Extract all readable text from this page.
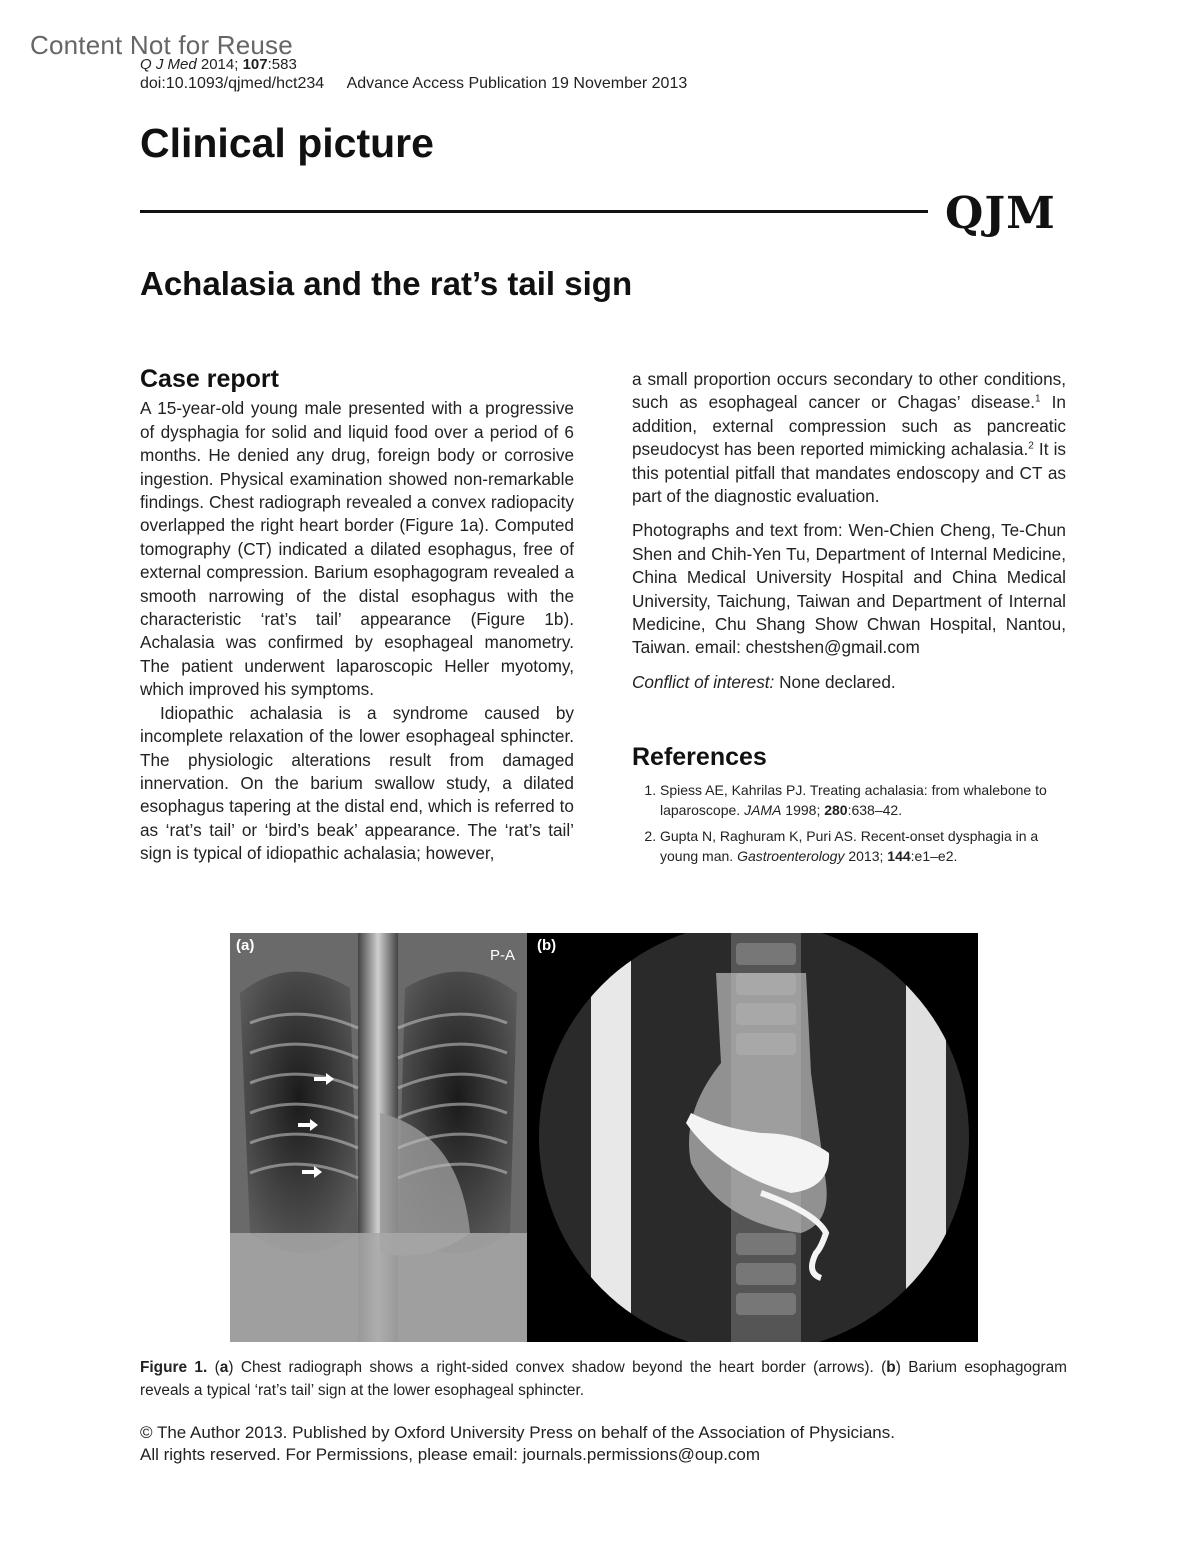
Content Not for Reuse
Q J Med 2014; 107:583
doi:10.1093/qjmed/hct234 Advance Access Publication 19 November 2013
Clinical picture
QJM
Achalasia and the rat’s tail sign
Case report

A 15-year-old young male presented with a progressive of dysphagia for solid and liquid food over a period of 6 months. He denied any drug, foreign body or corrosive ingestion. Physical examination showed non-remarkable findings. Chest radiograph revealed a convex radiopacity overlapped the right heart border (Figure 1a). Computed tomography (CT) indicated a dilated esophagus, free of external compression. Barium esophagogram revealed a smooth narrowing of the distal esophagus with the characteristic ‘rat’s tail’ appearance (Figure 1b). Achalasia was confirmed by esophageal manometry. The patient underwent laparoscopic Heller myotomy, which improved his symptoms.

Idiopathic achalasia is a syndrome caused by incomplete relaxation of the lower esophageal sphincter. The physiologic alterations result from damaged innervation. On the barium swallow study, a dilated esophagus tapering at the distal end, which is referred to as ‘rat’s tail’ or ‘bird’s beak’ appearance. The ‘rat’s tail’ sign is typical of idiopathic achalasia; however,

a small proportion occurs secondary to other conditions, such as esophageal cancer or Chagas’ disease.$^1$ In addition, external compression such as pancreatic pseudocyst has been reported mimicking achalasia.$^2$ It is this potential pitfall that mandates endoscopy and CT as part of the diagnostic evaluation.

Photographs and text from: Wen-Chien Cheng, Te-Chun Shen and Chih-Yen Tu, Department of Internal Medicine, China Medical University Hospital and China Medical University, Taichung, Taiwan and Department of Internal Medicine, Chu Shang Show Chwan Hospital, Nantou, Taiwan. email: chestshen@gmail.com

Conflict of interest: None declared.

References
1. Spiess AE, Kahrilas PJ. Treating achalasia: from whalebone to laparoscope. JAMA 1998; 280:638–42.
2. Gupta N, Raghuram K, Puri AS. Recent-onset dysphagia in a young man. Gastroenterology 2013; 144:e1–e2.
(a)
P-A
(b)
Figure 1. (a) Chest radiograph shows a right-sided convex shadow beyond the heart border (arrows). (b) Barium esophagogram reveals a typical ‘rat’s tail’ sign at the lower esophageal sphincter.
© The Author 2013. Published by Oxford University Press on behalf of the Association of Physicians.
All rights reserved. For Permissions, please email: journals.permissions@oup.com
